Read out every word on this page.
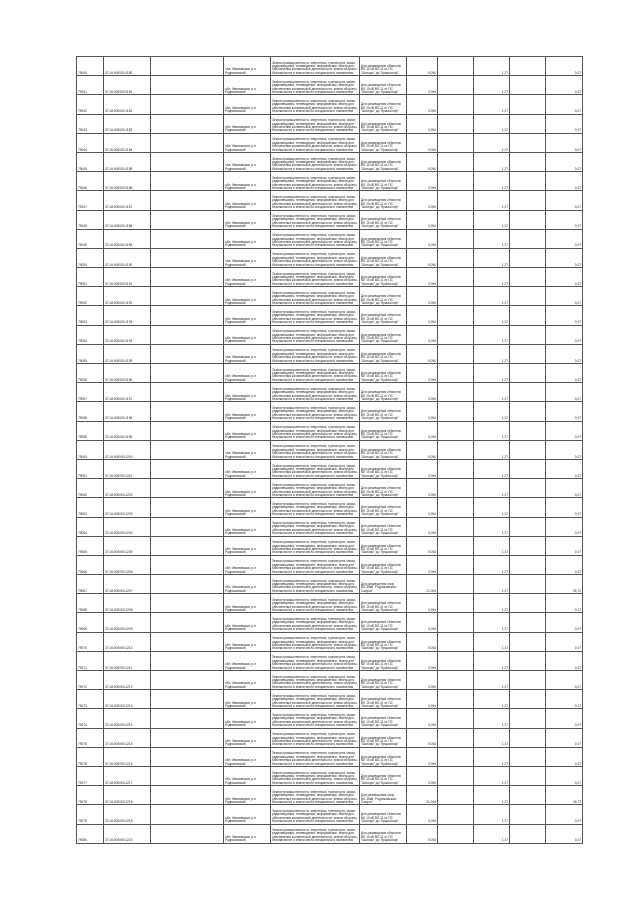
79040	37:16:000000:1180		обл. Ивановская, р-н Родниковский	Земли промышленности, энергетики, транспорта, связи, радиовещания, телевидения, информатики, земли для обеспечения космической деятельности, земли обороны, безопасности и земли иного специального назначения	Для размещения объектов ВЛ 10 кВ ВЛ-11 от ПС "Шагоры" до "Кржиштоф"	0,054		1,27		0,07
79041	37:16:000000:1181		обл. Ивановская, р-н Родниковский	Земли промышленности, энергетики, транспорта, связи, радиовещания, телевидения, информатики, земли для обеспечения космической деятельности, земли обороны, безопасности и земли иного специального назначения	Для размещения объектов ВЛ 10 кВ ВЛ-11 от ПС "Шагоры" до "Кржиштоф"	0,054		1,27		0,07
79042	37:16:000000:1182		обл. Ивановская, р-н Родниковский	Земли промышленности, энергетики, транспорта, связи, радиовещания, телевидения, информатики, земли для обеспечения космической деятельности, земли обороны, безопасности и земли иного специального назначения	Для размещения объектов ВЛ 10 кВ ВЛ-11 от ПС "Шагоры" до "Кржиштоф"	0,054		1,27		0,07
79043	37:16:000000:1183		обл. Ивановская, р-н Родниковский	Земли промышленности, энергетики, транспорта, связи, радиовещания, телевидения, информатики, земли для обеспечения космической деятельности, земли обороны, безопасности и земли иного специального назначения	Для размещения объектов ВЛ 10 кВ ВЛ-11 от ПС "Шагоры" до "Кржиштоф"	0,054		1,27		0,07
79044	37:16:000000:1184		обл. Ивановская, р-н Родниковский	Земли промышленности, энергетики, транспорта, связи, радиовещания, телевидения, информатики, земли для обеспечения космической деятельности, земли обороны, безопасности и земли иного специального назначения	Для размещения объектов ВЛ 10 кВ ВЛ-11 от ПС "Шагоры" до "Кржиштоф"	0,054		1,27		0,07
79045	37:16:000000:1185		обл. Ивановская, р-н Родниковский	Земли промышленности, энергетики, транспорта, связи, радиовещания, телевидения, информатики, земли для обеспечения космической деятельности, земли обороны, безопасности и земли иного специального назначения	Для размещения объектов ВЛ 10 кВ ВЛ-11 от ПС "Шагоры" до "Кржиштоф"	0,054		1,27		0,07
79046	37:16:000000:1186		обл. Ивановская, р-н Родниковский	Земли промышленности, энергетики, транспорта, связи, радиовещания, телевидения, информатики, земли для обеспечения космической деятельности, земли обороны, безопасности и земли иного специального назначения	Для размещения объектов ВЛ 10 кВ ВЛ-11 от ПС "Шагоры" до "Кржиштоф"	0,054		1,27		0,07
79047	37:16:000000:1187		обл. Ивановская, р-н Родниковский	Земли промышленности, энергетики, транспорта, связи, радиовещания, телевидения, информатики, земли для обеспечения космической деятельности, земли обороны, безопасности и земли иного специального назначения	Для размещения объектов ВЛ 10 кВ ВЛ-11 от ПС "Шагоры" до "Кржиштоф"	0,054		1,27		0,07
79048	37:16:000000:1188		обл. Ивановская, р-н Родниковский	Земли промышленности, энергетики, транспорта, связи, радиовещания, телевидения, информатики, земли для обеспечения космической деятельности, земли обороны, безопасности и земли иного специального назначения	Для размещения объектов ВЛ 10 кВ ВЛ-11 от ПС "Шагоры" до "Кржиштоф"	0,054		1,27		0,07
79049	37:16:000000:1189		обл. Ивановская, р-н Родниковский	Земли промышленности, энергетики, транспорта, связи, радиовещания, телевидения, информатики, земли для обеспечения космической деятельности, земли обороны, безопасности и земли иного специального назначения	Для размещения объектов ВЛ 10 кВ ВЛ-11 от ПС "Шагоры" до "Кржиштоф"	0,054		1,27		0,07
79050	37:16:000000:1190		обл. Ивановская, р-н Родниковский	Земли промышленности, энергетики, транспорта, связи, радиовещания, телевидения, информатики, земли для обеспечения космической деятельности, земли обороны, безопасности и земли иного специального назначения	Для размещения объектов ВЛ 10 кВ ВЛ-11 от ПС "Шагоры" до "Кржиштоф"	0,054		1,27		0,07
79051	37:16:000000:1191		обл. Ивановская, р-н Родниковский	Земли промышленности, энергетики, транспорта, связи, радиовещания, телевидения, информатики, земли для обеспечения космической деятельности, земли обороны, безопасности и земли иного специального назначения	Для размещения объектов ВЛ 10 кВ ВЛ-11 от ПС "Шагоры" до "Кржиштоф"	0,054		1,27		0,07
79052	37:16:000000:1192		обл. Ивановская, р-н Родниковский	Земли промышленности, энергетики, транспорта, связи, радиовещания, телевидения, информатики, земли для обеспечения космической деятельности, земли обороны, безопасности и земли иного специального назначения	Для размещения объектов ВЛ 10 кВ ВЛ-11 от ПС "Шагоры" до "Кржиштоф"	0,054		1,27		0,07
79053	37:16:000000:1193		обл. Ивановская, р-н Родниковский	Земли промышленности, энергетики, транспорта, связи, радиовещания, телевидения, информатики, земли для обеспечения космической деятельности, земли обороны, безопасности и земли иного специального назначения	Для размещения объектов ВЛ 10 кВ ВЛ-11 от ПС "Шагоры" до "Кржиштоф"	0,054		1,27		0,07
79054	37:16:000000:1194		обл. Ивановская, р-н Родниковский	Земли промышленности, энергетики, транспорта, связи, радиовещания, телевидения, информатики, земли для обеспечения космической деятельности, земли обороны, безопасности и земли иного специального назначения	Для размещения объектов ВЛ 10 кВ ВЛ-11 от ПС "Шагоры" до "Кржиштоф"	0,054		1,27		0,07
79055	37:16:000000:1195		обл. Ивановская, р-н Родниковский	Земли промышленности, энергетики, транспорта, связи, радиовещания, телевидения, информатики, земли для обеспечения космической деятельности, земли обороны, безопасности и земли иного специального назначения	Для размещения объектов ВЛ 10 кВ ВЛ-11 от ПС "Шагоры" до "Кржиштоф"	0,054		1,27		0,07
79056	37:16:000000:1196		обл. Ивановская, р-н Родниковский	Земли промышленности, энергетики, транспорта, связи, радиовещания, телевидения, информатики, земли для обеспечения космической деятельности, земли обороны, безопасности и земли иного специального назначения	Для размещения объектов ВЛ 10 кВ ВЛ-11 от ПС "Шагоры" до "Кржиштоф"	0,054		1,27		0,07
79057	37:16:000000:1197		обл. Ивановская, р-н Родниковский	Земли промышленности, энергетики, транспорта, связи, радиовещания, телевидения, информатики, земли для обеспечения космической деятельности, земли обороны, безопасности и земли иного специального назначения	Для размещения объектов ВЛ 10 кВ ВЛ-11 от ПС "Шагоры" до "Кржиштоф"	0,054		1,27		0,07
79058	37:16:000000:1198		обл. Ивановская, р-н Родниковский	Земли промышленности, энергетики, транспорта, связи, радиовещания, телевидения, информатики, земли для обеспечения космической деятельности, земли обороны, безопасности и земли иного специального назначения	Для размещения объектов ВЛ 10 кВ ВЛ-11 от ПС "Шагоры" до "Кржиштоф"	0,054		1,27		0,07
79059	37:16:000000:1199		обл. Ивановская, р-н Родниковский	Земли промышленности, энергетики, транспорта, связи, радиовещания, телевидения, информатики, земли для обеспечения космической деятельности, земли обороны, безопасности и земли иного специального назначения	Для размещения объектов ВЛ 10 кВ ВЛ-11 от ПС "Шагоры" до "Кржиштоф"	0,054		1,27		0,07
79060	37:16:000000:1200		обл. Ивановская, р-н Родниковский	Земли промышленности, энергетики, транспорта, связи, радиовещания, телевидения, информатики, земли для обеспечения космической деятельности, земли обороны, безопасности и земли иного специального назначения	Для размещения объектов ВЛ 10 кВ ВЛ-11 от ПС "Шагоры" до "Кржиштоф"	0,054		1,27		0,07
79061	37:16:000000:1201		обл. Ивановская, р-н Родниковский	Земли промышленности, энергетики, транспорта, связи, радиовещания, телевидения, информатики, земли для обеспечения космической деятельности, земли обороны, безопасности и земли иного специального назначения	Для размещения объектов ВЛ 10 кВ ВЛ-11 от ПС "Шагоры" до "Кржиштоф"	0,054		1,27		0,07
79062	37:16:000000:1202		обл. Ивановская, р-н Родниковский	Земли промышленности, энергетики, транспорта, связи, радиовещания, телевидения, информатики, земли для обеспечения космической деятельности, земли обороны, безопасности и земли иного специального назначения	Для размещения объектов ВЛ 10 кВ ВЛ-11 от ПС "Шагоры" до "Кржиштоф"	0,054		1,27		0,07
79063	37:16:000000:1203		обл. Ивановская, р-н Родниковский	Земли промышленности, энергетики, транспорта, связи, радиовещания, телевидения, информатики, земли для обеспечения космической деятельности, земли обороны, безопасности и земли иного специального назначения	Для размещения объектов ВЛ 10 кВ ВЛ-11 от ПС "Шагоры" до "Кржиштоф"	0,054		1,27		0,07
79064	37:16:000000:1204		обл. Ивановская, р-н Родниковский	Земли промышленности, энергетики, транспорта, связи, радиовещания, телевидения, информатики, земли для обеспечения космической деятельности, земли обороны, безопасности и земли иного специального назначения	Для размещения объектов ВЛ 10 кВ ВЛ-11 от ПС "Шагоры" до "Кржиштоф"	0,054		1,27		0,07
79065	37:16:000000:1205		обл. Ивановская, р-н Родниковский	Земли промышленности, энергетики, транспорта, связи, радиовещания, телевидения, информатики, земли для обеспечения космической деятельности, земли обороны, безопасности и земли иного специального назначения	Для размещения объектов ВЛ 10 кВ ВЛ-11 от ПС "Шагоры" до "Кржиштоф"	0,054		1,27		0,07
79066	37:16:000000:1206		обл. Ивановская, р-н Родниковский	Земли промышленности, энергетики, транспорта, связи, радиовещания, телевидения, информатики, земли для обеспечения космической деятельности, земли обороны, безопасности и земли иного специального назначения	Для размещения объектов ВЛ 10 кВ ВЛ-11 от ПС "Шагоры" до "Кржиштоф"	0,054		1,27		0,07
79067	37:16:000000:1207		обл. Ивановская, р-н Родниковский	Земли промышленности, энергетики, транспорта, связи, радиовещания, телевидения, информатики, земли для обеспечения космической деятельности, земли обороны, безопасности и земли иного специального назначения	Для размещения опор ВЛ-35кВ "Родниковская-Сакула"	21,004		1,27		26,72
79068	37:16:000000:1208		обл. Ивановская, р-н Родниковский	Земли промышленности, энергетики, транспорта, связи, радиовещания, телевидения, информатики, земли для обеспечения космической деятельности, земли обороны, безопасности и земли иного специального назначения	Для размещения объектов ВЛ 10 кВ ВЛ-11 от ПС "Шагоры" до "Кржиштоф"	0,054		1,27		0,07
79069	37:16:000000:1209		обл. Ивановская, р-н Родниковский	Земли промышленности, энергетики, транспорта, связи, радиовещания, телевидения, информатики, земли для обеспечения космической деятельности, земли обороны, безопасности и земли иного специального назначения	Для размещения объектов ВЛ 10 кВ ВЛ-11 от ПС "Шагоры" до "Кржиштоф"	0,054		1,27		0,07
79070	37:16:000000:1210		обл. Ивановская, р-н Родниковский	Земли промышленности, энергетики, транспорта, связи, радиовещания, телевидения, информатики, земли для обеспечения космической деятельности, земли обороны, безопасности и земли иного специального назначения	Для размещения объектов ВЛ 10 кВ ВЛ-11 от ПС "Шагоры" до "Кржиштоф"	0,054		1,27		0,07
79071	37:16:000000:1211		обл. Ивановская, р-н Родниковский	Земли промышленности, энергетики, транспорта, связи, радиовещания, телевидения, информатики, земли для обеспечения космической деятельности, земли обороны, безопасности и земли иного специального назначения	Для размещения объектов ВЛ 10 кВ ВЛ-11 от ПС "Шагоры" до "Кржиштоф"	0,054		1,27		0,07
79072	37:16:000000:1212		обл. Ивановская, р-н Родниковский	Земли промышленности, энергетики, транспорта, связи, радиовещания, телевидения, информатики, земли для обеспечения космической деятельности, земли обороны, безопасности и земли иного специального назначения	Для размещения объектов ВЛ 10 кВ ВЛ-11 от ПС "Шагоры" до "Кржиштоф"	0,054		1,27		0,07
79073	37:16:000000:1213		обл. Ивановская, р-н Родниковский	Земли промышленности, энергетики, транспорта, связи, радиовещания, телевидения, информатики, земли для обеспечения космической деятельности, земли обороны, безопасности и земли иного специального назначения	Для размещения объектов ВЛ 10 кВ ВЛ-11 от ПС "Шагоры" до "Кржиштоф"	0,054		1,27		0,07
79074	37:16:000000:1214		обл. Ивановская, р-н Родниковский	Земли промышленности, энергетики, транспорта, связи, радиовещания, телевидения, информатики, земли для обеспечения космической деятельности, земли обороны, безопасности и земли иного специального назначения	Для размещения объектов ВЛ 10 кВ ВЛ-11 от ПС "Шагоры" до "Кржиштоф"	0,054		1,27		0,07
79075	37:16:000000:1215		обл. Ивановская, р-н Родниковский	Земли промышленности, энергетики, транспорта, связи, радиовещания, телевидения, информатики, земли для обеспечения космической деятельности, земли обороны, безопасности и земли иного специального назначения	Для размещения объектов ВЛ 10 кВ ВЛ-11 от ПС "Шагоры" до "Кржиштоф"	0,054		1,27		0,07
79076	37:16:000000:1216		обл. Ивановская, р-н Родниковский	Земли промышленности, энергетики, транспорта, связи, радиовещания, телевидения, информатики, земли для обеспечения космической деятельности, земли обороны, безопасности и земли иного специального назначения	Для размещения объектов ВЛ 10 кВ ВЛ-11 от ПС "Шагоры" до "Кржиштоф"	0,054		1,27		0,07
79077	37:16:000000:1217		обл. Ивановская, р-н Родниковский	Земли промышленности, энергетики, транспорта, связи, радиовещания, телевидения, информатики, земли для обеспечения космической деятельности, земли обороны, безопасности и земли иного специального назначения	Для размещения объектов ВЛ 10 кВ ВЛ-11 от ПС "Шагоры" до "Кржиштоф"	0,054		1,27		0,07
79078	37:16:000000:1218		обл. Ивановская, р-н Родниковский	Земли промышленности, энергетики, транспорта, связи, радиовещания, телевидения, информатики, земли для обеспечения космической деятельности, земли обороны, безопасности и земли иного специального назначения	Для размещения опор ВЛ-35кВ "Родниковская-Сакула"	21,004		1,27		26,72
79079	37:16:000000:1219		обл. Ивановская, р-н Родниковский	Земли промышленности, энергетики, транспорта, связи, радиовещания, телевидения, информатики, земли для обеспечения космической деятельности, земли обороны, безопасности и земли иного специального назначения	Для размещения объектов ВЛ 10 кВ ВЛ-11 от ПС "Шагоры" до "Кржиштоф"	0,054		1,27		0,07
79080	37:16:000000:1220		обл. Ивановская, р-н Родниковский	Земли промышленности, энергетики, транспорта, связи, радиовещания, телевидения, информатики, земли для обеспечения космической деятельности, земли обороны, безопасности и земли иного специального назначения	Для размещения объектов ВЛ 10 кВ ВЛ-11 от ПС "Шагоры" до "Кржиштоф"	0,054		1,27		0,07
